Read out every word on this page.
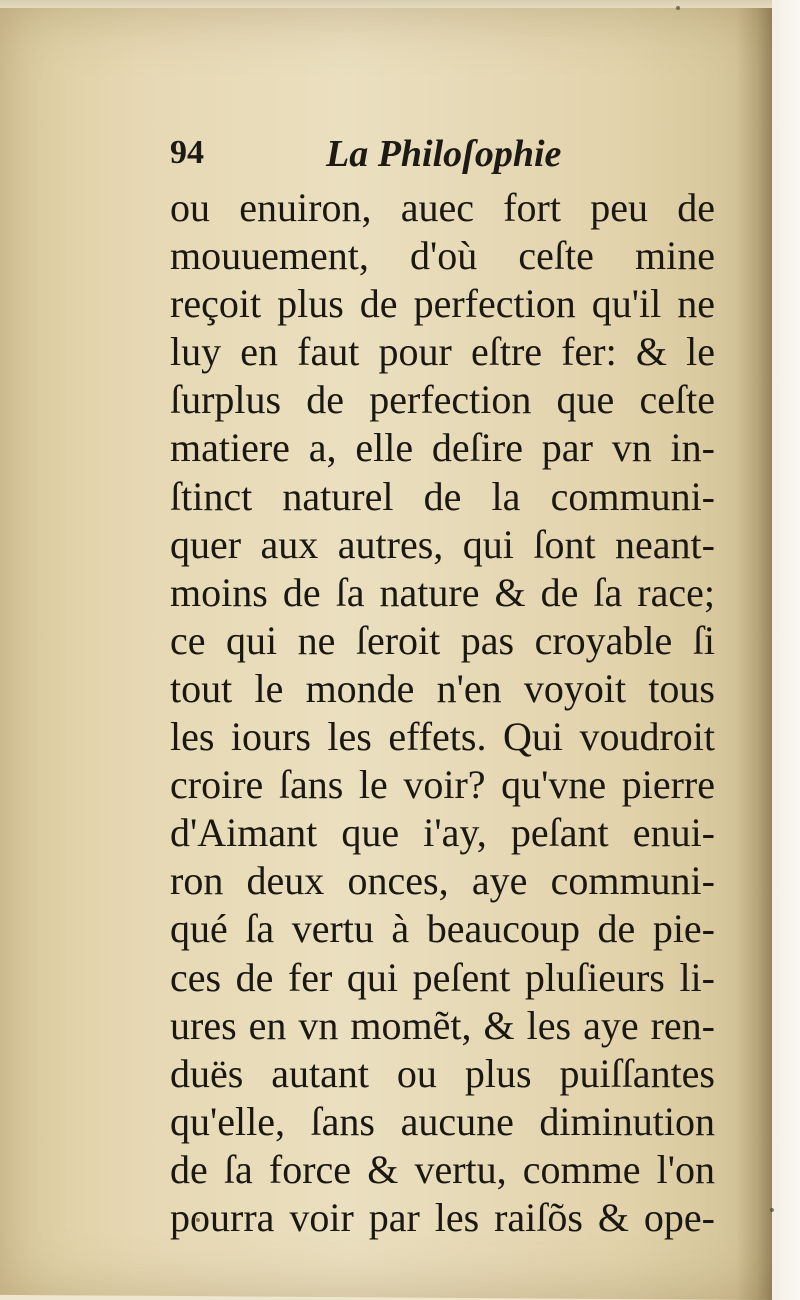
94	La Philoſophie
ou enuiron, auec fort peu de
mouuement, d'où ceſte mine
reçoit plus de perfection qu'il ne
luy en faut pour eſtre fer: & le
ſurplus de perfection que ceſte
matiere a, elle deſire par vn in-
ſtinct naturel de la communi-
quer aux autres, qui ſont neant-
moins de ſa nature & de ſa race;
ce qui ne ſeroit pas croyable ſi
tout le monde n'en voyoit tous
les iours les effets. Qui voudroit
croire ſans le voir? qu'vne pierre
d'Aimant que i'ay, peſant enui-
ron deux onces, aye communi-
qué ſa vertu à beaucoup de pie-
ces de fer qui peſent pluſieurs li-
ures en vn momẽt, & les aye ren-
duës autant ou plus puiſſantes
qu'elle, ſans aucune diminution
de ſa force & vertu, comme l'on
pourra voir par les raiſõs & ope-
